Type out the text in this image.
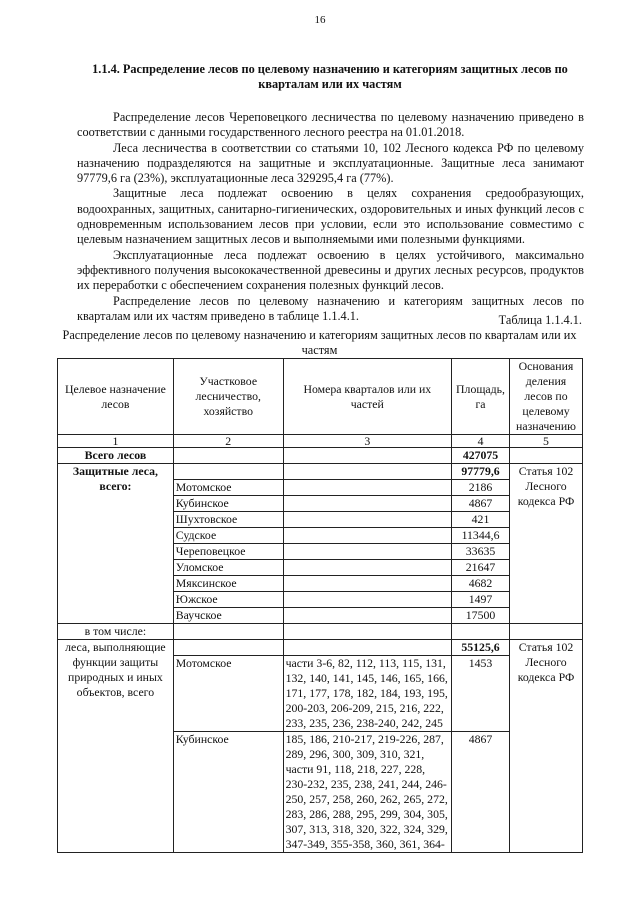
16
1.1.4. Распределение лесов по целевому назначению и категориям защитных лесов по кварталам или их частям

Распределение лесов Череповецкого лесничества по целевому назначению приведено в соответствии с данными государственного лесного реестра на 01.01.2018.

Леса лесничества в соответствии со статьями 10, 102 Лесного кодекса РФ по целевому назначению подразделяются на защитные и эксплуатационные. Защитные леса занимают 97779,6 га (23%), эксплуатационные леса 329295,4 га (77%).

Защитные леса подлежат освоению в целях сохранения средообразующих, водоохранных, защитных, санитарно-гигиенических, оздоровительных и иных функций лесов с одновременным использованием лесов при условии, если это использование совместимо с целевым назначением защитных лесов и выполняемыми ими полезными функциями.

Эксплуатационные леса подлежат освоению в целях устойчивого, максимально эффективного получения высококачественной древесины и других лесных ресурсов, продуктов их переработки с обеспечением сохранения полезных функций лесов.

Распределение лесов по целевому назначению и категориям защитных лесов по кварталам или их частям приведено в таблице 1.1.4.1.	Таблица 1.1.4.1.
Распределение лесов по целевому назначению и категориям защитных лесов по кварталам или их частям
Целевое назначение лесов	Участковое лесничество, хозяйство	Номера кварталов или их частей	Площадь, га	Основания деления лесов по целевому назначению
1	2	3	4	5
Всего лесов			427075	
Защитные леса, всего:			97779,6	Статья 102 Лесного кодекса РФ
	Мотомское		2186	
	Кубинское		4867	
	Шухтовское		421	
	Судское		11344,6	
	Череповецкое		33635	
	Уломское		21647	
	Мяксинское		4682	
	Южское		1497	
	Ваучское		17500	
в том числе:				
леса, выполняющие функции защиты природных и иных объектов, всего			55125,6	Статья 102 Лесного кодекса РФ
	Мотомское	части 3-6, 82, 112, 113, 115, 131, 132, 140, 141, 145, 146, 165, 166, 171, 177, 178, 182, 184, 193, 195, 200-203, 206-209, 215, 216, 222, 233, 235, 236, 238-240, 242, 245	1453	
	Кубинское	185, 186, 210-217, 219-226, 287, 289, 296, 300, 309, 310, 321, части 91, 118, 218, 227, 228, 230-232, 235, 238, 241, 244, 246-250, 257, 258, 260, 262, 265, 272, 283, 286, 288, 295, 299, 304, 305, 307, 313, 318, 320, 322, 324, 329, 347-349, 355-358, 360, 361, 364-	4867	
